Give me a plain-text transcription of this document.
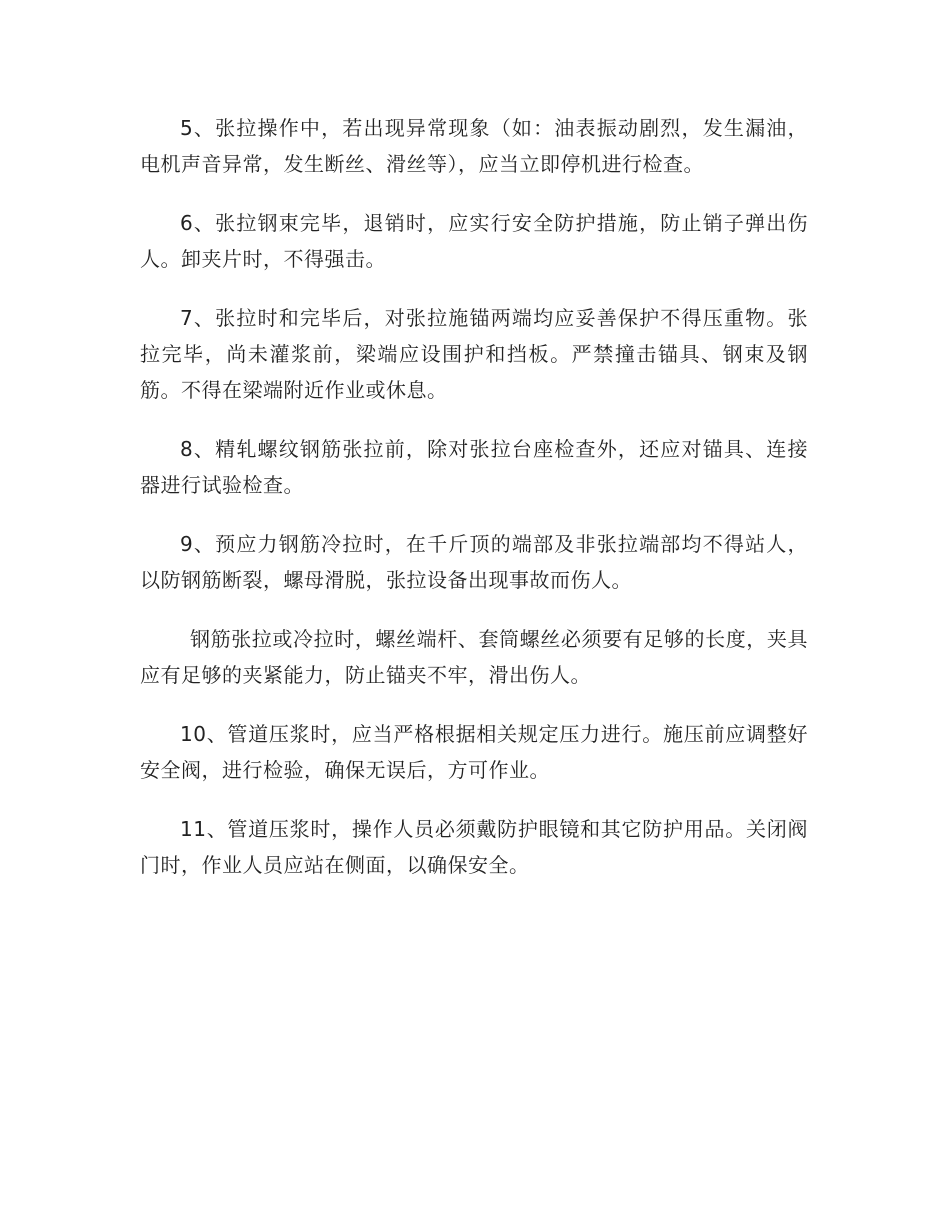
5、张拉操作中，若出现异常现象（如：油表振动剧烈，发生漏油，电机声音异常，发生断丝、滑丝等），应当立即停机进行检查。

6、张拉钢束完毕，退销时，应实行安全防护措施，防止销子弹出伤人。卸夹片时，不得强击。

7、张拉时和完毕后，对张拉施锚两端均应妥善保护不得压重物。张拉完毕，尚未灌浆前，梁端应设围护和挡板。严禁撞击锚具、钢束及钢筋。不得在梁端附近作业或休息。

8、精轧螺纹钢筋张拉前，除对张拉台座检查外，还应对锚具、连接器进行试验检查。

9、预应力钢筋冷拉时，在千斤顶的端部及非张拉端部均不得站人，以防钢筋断裂，螺母滑脱，张拉设备出现事故而伤人。

钢筋张拉或冷拉时，螺丝端杆、套筒螺丝必须要有足够的长度，夹具应有足够的夹紧能力，防止锚夹不牢，滑出伤人。

10、管道压浆时，应当严格根据相关规定压力进行。施压前应调整好安全阀，进行检验，确保无误后，方可作业。

11、管道压浆时，操作人员必须戴防护眼镜和其它防护用品。关闭阀门时，作业人员应站在侧面，以确保安全。
